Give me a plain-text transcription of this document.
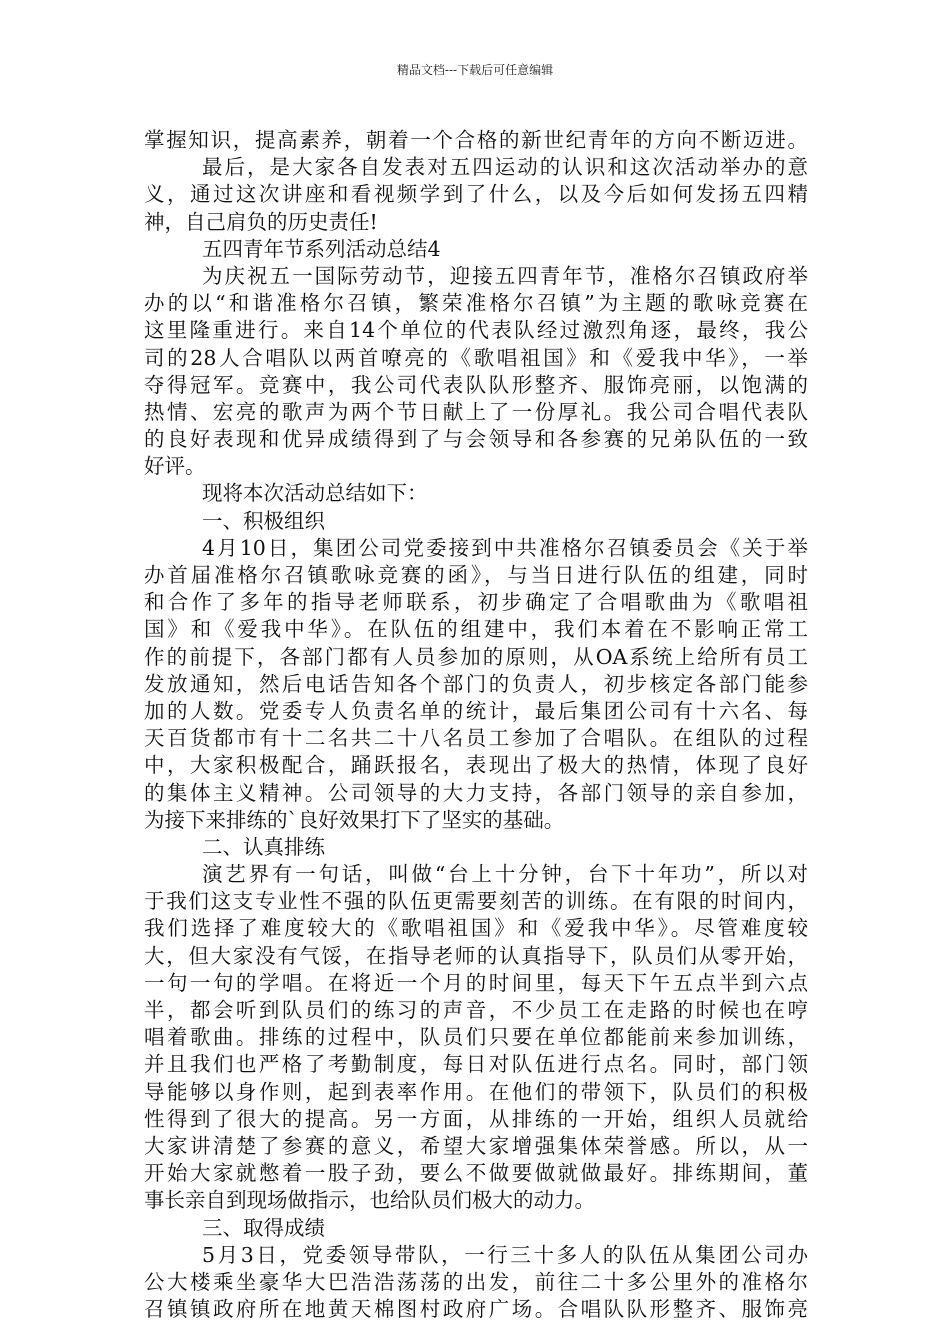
精品文档---下载后可任意编辑
掌握知识，提高素养，朝着一个合格的新世纪青年的方向不断迈进。
最后，是大家各自发表对五四运动的认识和这次活动举办的意
义，通过这次讲座和看视频学到了什么，以及今后如何发扬五四精
神，自己肩负的历史责任!
五四青年节系列活动总结4
为庆祝五一国际劳动节，迎接五四青年节，准格尔召镇政府举
办的以“和谐准格尔召镇，繁荣准格尔召镇”为主题的歌咏竞赛在
这里隆重进行。来自14个单位的代表队经过激烈角逐，最终，我公
司的28人合唱队以两首嘹亮的《歌唱祖国》和《爱我中华》，一举
夺得冠军。竞赛中，我公司代表队队形整齐、服饰亮丽，以饱满的
热情、宏亮的歌声为两个节日献上了一份厚礼。我公司合唱代表队
的良好表现和优异成绩得到了与会领导和各参赛的兄弟队伍的一致
好评。
现将本次活动总结如下：
一、积极组织
4月10日，集团公司党委接到中共准格尔召镇委员会《关于举
办首届准格尔召镇歌咏竞赛的函》，与当日进行队伍的组建，同时
和合作了多年的指导老师联系，初步确定了合唱歌曲为《歌唱祖
国》和《爱我中华》。在队伍的组建中，我们本着在不影响正常工
作的前提下，各部门都有人员参加的原则，从OA系统上给所有员工
发放通知，然后电话告知各个部门的负责人，初步核定各部门能参
加的人数。党委专人负责名单的统计，最后集团公司有十六名、每
天百货都市有十二名共二十八名员工参加了合唱队。在组队的过程
中，大家积极配合，踊跃报名，表现出了极大的热情，体现了良好
的集体主义精神。公司领导的大力支持，各部门领导的亲自参加，
为接下来排练的`良好效果打下了坚实的基础。
二、认真排练
演艺界有一句话，叫做“台上十分钟，台下十年功”，所以对
于我们这支专业性不强的队伍更需要刻苦的训练。在有限的时间内，
我们选择了难度较大的《歌唱祖国》和《爱我中华》。尽管难度较
大，但大家没有气馁，在指导老师的认真指导下，队员们从零开始，
一句一句的学唱。在将近一个月的时间里，每天下午五点半到六点
半，都会听到队员们的练习的声音，不少员工在走路的时候也在哼
唱着歌曲。排练的过程中，队员们只要在单位都能前来参加训练，
并且我们也严格了考勤制度，每日对队伍进行点名。同时，部门领
导能够以身作则，起到表率作用。在他们的带领下，队员们的积极
性得到了很大的提高。另一方面，从排练的一开始，组织人员就给
大家讲清楚了参赛的意义，希望大家增强集体荣誉感。所以，从一
开始大家就憋着一股子劲，要么不做要做就做最好。排练期间，董
事长亲自到现场做指示，也给队员们极大的动力。
三、取得成绩
5月3日，党委领导带队，一行三十多人的队伍从集团公司办
公大楼乘坐豪华大巴浩浩荡荡的出发，前往二十多公里外的准格尔
召镇镇政府所在地黄天棉图村政府广场。合唱队队形整齐、服饰亮
